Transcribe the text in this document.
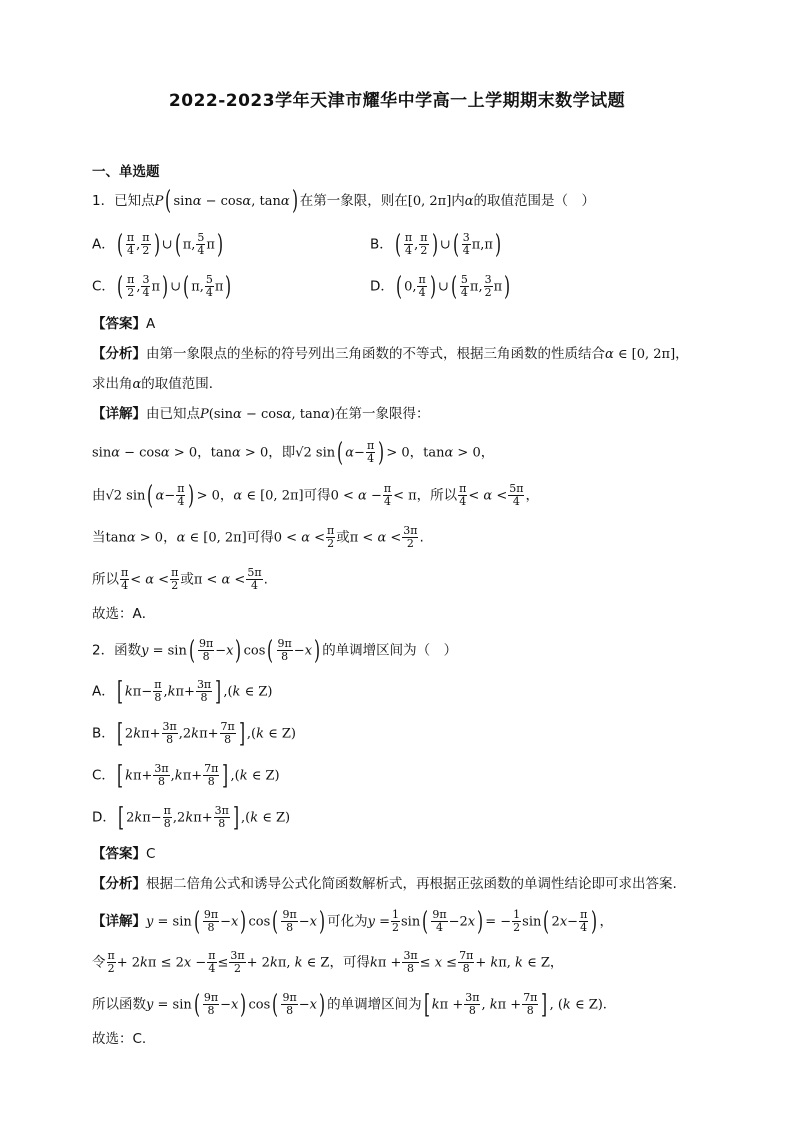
2022-2023学年天津市耀华中学高一上学期期末数学试题
一、单选题
1．已知点P( sinα − cosα, tanα) 在第一象限，则在[0, 2π]内α的取值范围是（　）
A．( $\frac{\pi}{4}$ , $\frac{\pi}{2}$ ) ∪( π, $\frac{5}{4} \pi$)	B．( $\frac{\pi}{4}$ , $\frac{\pi}{2}$ ) ∪( $\frac{3}{4} \pi,\pi$)
C．( $\frac{\pi}{2}$ , $\frac{3}{4} \pi$) ∪( π, $\frac{5}{4} \pi$)	D．( 0, $\frac{\pi}{4}$ ) ∪( $\frac{5}{4} \pi$, $\frac{3}{2} \pi$)
【答案】A
【分析】由第一象限点的坐标的符号列出三角函数的不等式，根据三角函数的性质结合α ∈ [0, 2π]，
求出角α的取值范围．
【详解】由已知点P(sinα − cosα, tanα)在第一象限得：
sinα − cosα > 0，tanα > 0，即√2 sin( $\alpha- \frac{\pi}{4}$ ) > 0，tanα > 0，
由√2 sin( $\alpha- \frac{\pi}{4}$ ) > 0，α ∈ [0, 2π]可得$0 < \alpha - \frac{\pi}{4} < \pi$，所以 $\frac{\pi}{4} < \alpha < \frac{5\pi}{4}$ ，
当tanα > 0，α ∈ [0, 2π]可得$0 < \alpha < \frac{\pi}{2}$ 或$\pi < \alpha < \frac{3\pi}{2}$ .
所以 $\frac{\pi}{4} < \alpha < \frac{\pi}{2}$ 或$\pi < \alpha < \frac{5\pi}{4}$ .
故选：A．
2．函数$y = \sin( \frac{9\pi}{8} -x)$ $\cos( \frac{9\pi}{8} -x)$ 的单调增区间为（　）
A．[ $k\pi- \frac{\pi}{8} ,k\pi+ \frac{3\pi}{8}$ ] ,(k ∈ Z)
B．[ $2k\pi+ \frac{3\pi}{8} ,2k\pi+ \frac{7\pi}{8}$ ] ,(k ∈ Z)
C．[ $k\pi+ \frac{3\pi}{8} ,k\pi+ \frac{7\pi}{8}$ ] ,(k ∈ Z)
D．[ $2k\pi- \frac{\pi}{8} ,2k\pi+ \frac{3\pi}{8}$ ] ,(k ∈ Z)
【答案】C
【分析】根据二倍角公式和诱导公式化简函数解析式，再根据正弦函数的单调性结论即可求出答案.
【详解】$y = \sin( \frac{9\pi}{8} -x)$ $\cos( \frac{9\pi}{8} -x)$ 可化为$y = \frac{1}{2} \sin( \frac{9\pi}{4} -2x)$ = − $\frac{1}{2} \sin$( $2x- \frac{\pi}{4}$ ) ，
令 $\frac{\pi}{2} + 2k\pi \le 2x - \frac{\pi}{4} \le \frac{3\pi}{2} + 2k\pi$, k ∈ Z，可得$k\pi + \frac{3\pi}{8} \le x \le \frac{7\pi}{8} + k\pi$, k ∈ Z，
所以函数$y = \sin( \frac{9\pi}{8} -x)$ $\cos( \frac{9\pi}{8} -x)$ 的单调增区间为[ $k\pi + \frac{3\pi}{8}$ , $k\pi + \frac{7\pi}{8}$ ] , (k ∈ Z).
故选：C.
